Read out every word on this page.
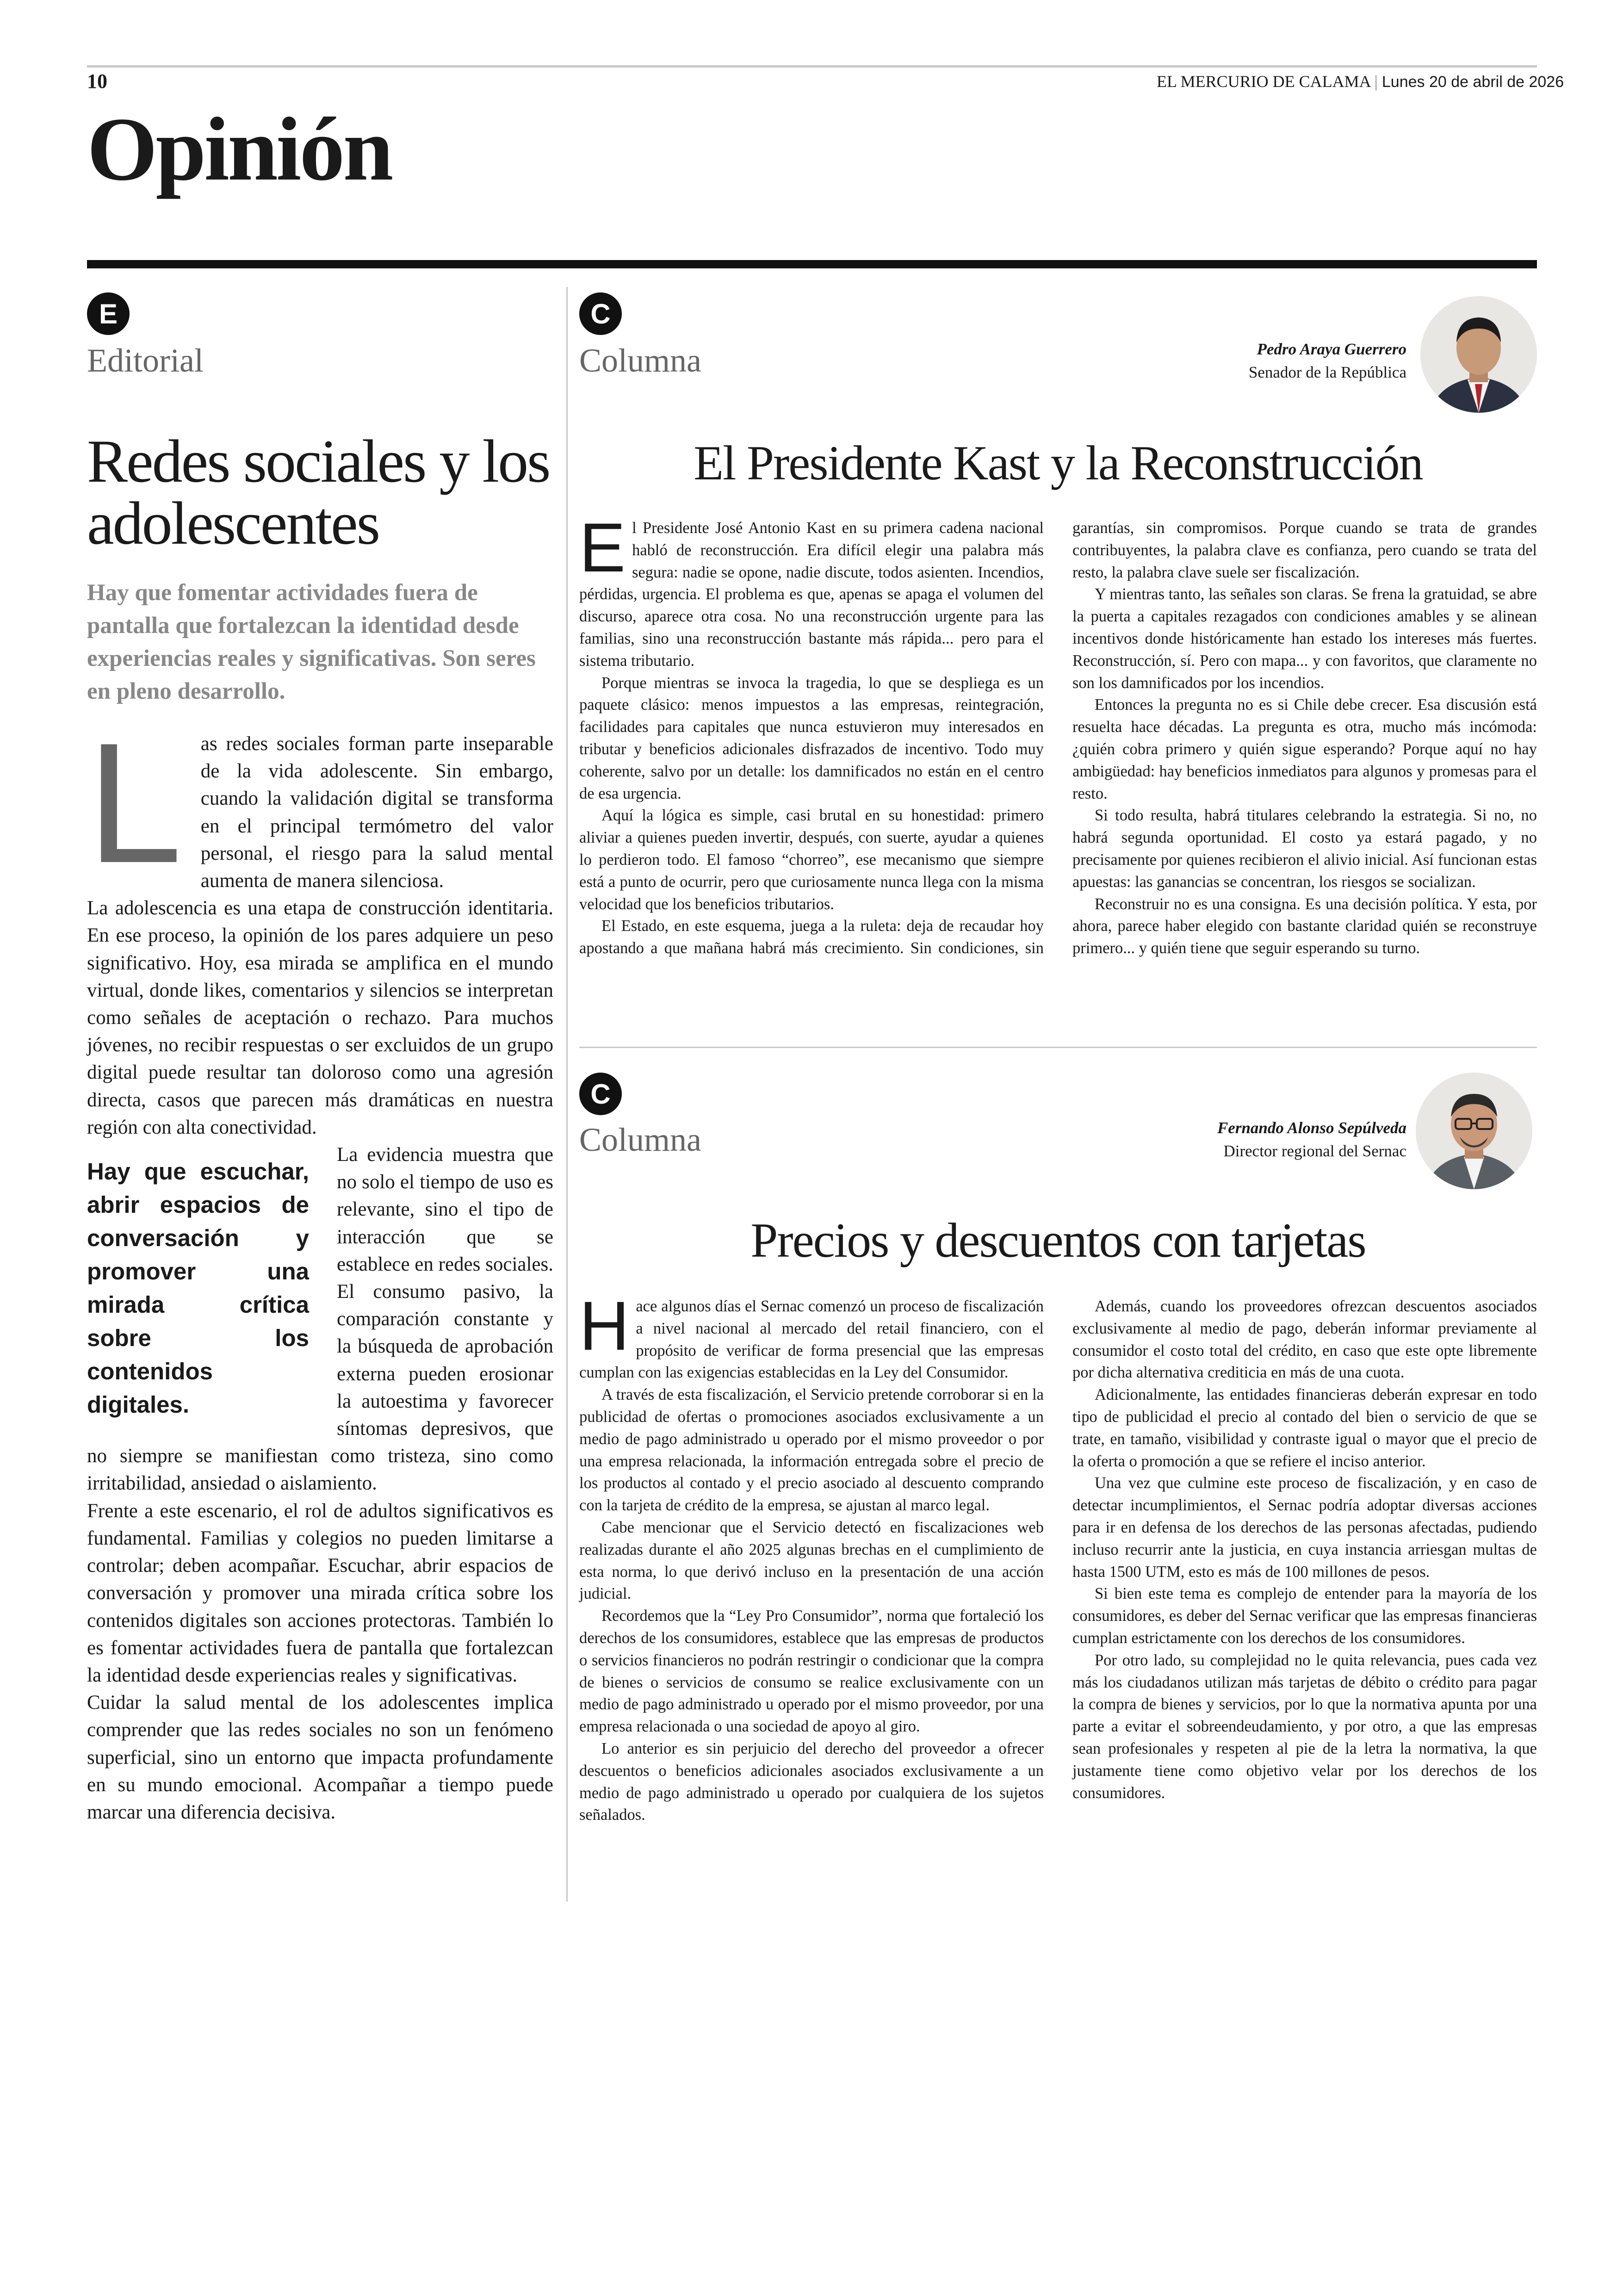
10	EL MERCURIO DE CALAMA | Lunes 20 de abril de 2026
Opinión
E
Editorial
Redes sociales y los adolescentes
Hay que fomentar actividades fuera de pantalla que fortalezcan la identidad desde experiencias reales y significativas. Son seres en pleno desarrollo.
L as redes sociales forman parte inseparable de la vida adolescente. Sin embargo, cuando la validación digital se transforma en el principal termómetro del valor personal, el riesgo para la salud mental aumenta de manera silenciosa.

La adolescencia es una etapa de construcción identitaria. En ese proceso, la opinión de los pares adquiere un peso significativo. Hoy, esa mirada se amplifica en el mundo virtual, donde likes, comentarios y silencios se interpretan como señales de aceptación o rechazo. Para muchos jóvenes, no recibir respuestas o ser excluidos de un grupo digital puede resultar tan doloroso como una agresión directa, casos que parecen más dramáticas en nuestra región con alta conectividad.

Hay que escuchar, abrir espacios de conversación y promover una mirada crítica sobre los contenidos digitales.

La evidencia muestra que no solo el tiempo de uso es relevante, sino el tipo de interacción que se establece en redes sociales. El consumo pasivo, la comparación constante y la búsqueda de aprobación externa pueden erosionar la autoestima y favorecer síntomas depresivos, que no siempre se manifiestan como tristeza, sino como irritabilidad, ansiedad o aislamiento.

Frente a este escenario, el rol de adultos significativos es fundamental. Familias y colegios no pueden limitarse a controlar; deben acompañar. Escuchar, abrir espacios de conversación y promover una mirada crítica sobre los contenidos digitales son acciones protectoras. También lo es fomentar actividades fuera de pantalla que fortalezcan la identidad desde experiencias reales y significativas.

Cuidar la salud mental de los adolescentes implica comprender que las redes sociales no son un fenómeno superficial, sino un entorno que impacta profundamente en su mundo emocional. Acompañar a tiempo puede marcar una diferencia decisiva.

C
Columna	Pedro Araya Guerrero
Senador de la República
El Presidente Kast y la Reconstrucción

El Presidente José Antonio Kast en su primera cadena nacional habló de reconstrucción. Era difícil elegir una palabra más segura: nadie se opone, nadie discute, todos asienten. Incendios, pérdidas, urgencia. El problema es que, apenas se apaga el volumen del discurso, aparece otra cosa. No una reconstrucción urgente para las familias, sino una reconstrucción bastante más rápida... pero para el sistema tributario.

Porque mientras se invoca la tragedia, lo que se despliega es un paquete clásico: menos impuestos a las empresas, reintegración, facilidades para capitales que nunca estuvieron muy interesados en tributar y beneficios adicionales disfrazados de incentivo. Todo muy coherente, salvo por un detalle: los damnificados no están en el centro de esa urgencia.

Aquí la lógica es simple, casi brutal en su honestidad: primero aliviar a quienes pueden invertir, después, con suerte, ayudar a quienes lo perdieron todo. El famoso “chorreo”, ese mecanismo que siempre está a punto de ocurrir, pero que curiosamente nunca llega con la misma velocidad que los beneficios tributarios.

El Estado, en este esquema, juega a la ruleta: deja de recaudar hoy apostando a que mañana habrá más crecimiento. Sin condiciones, sin garantías, sin compromisos. Porque cuando se trata de grandes contribuyentes, la palabra clave es confianza, pero cuando se trata del resto, la palabra clave suele ser fiscalización.

Y mientras tanto, las señales son claras. Se frena la gratuidad, se abre la puerta a capitales rezagados con condiciones amables y se alinean incentivos donde históricamente han estado los intereses más fuertes. Reconstrucción, sí. Pero con mapa... y con favoritos, que claramente no son los damnificados por los incendios.

Entonces la pregunta no es si Chile debe crecer. Esa discusión está resuelta hace décadas. La pregunta es otra, mucho más incómoda: ¿quién cobra primero y quién sigue esperando? Porque aquí no hay ambigüedad: hay beneficios inmediatos para algunos y promesas para el resto.

Si todo resulta, habrá titulares celebrando la estrategia. Si no, no habrá segunda oportunidad. El costo ya estará pagado, y no precisamente por quienes recibieron el alivio inicial. Así funcionan estas apuestas: las ganancias se concentran, los riesgos se socializan.

Reconstruir no es una consigna. Es una decisión política. Y esta, por ahora, parece haber elegido con bastante claridad quién se reconstruye primero... y quién tiene que seguir esperando su turno.

C
Columna	Fernando Alonso Sepúlveda
Director regional del Sernac
Precios y descuentos con tarjetas

Hace algunos días el Sernac comenzó un proceso de fiscalización a nivel nacional al mercado del retail financiero, con el propósito de verificar de forma presencial que las empresas cumplan con las exigencias establecidas en la Ley del Consumidor.

A través de esta fiscalización, el Servicio pretende corroborar si en la publicidad de ofertas o promociones asociados exclusivamente a un medio de pago administrado u operado por el mismo proveedor o por una empresa relacionada, la información entregada sobre el precio de los productos al contado y el precio asociado al descuento comprando con la tarjeta de crédito de la empresa, se ajustan al marco legal.

Cabe mencionar que el Servicio detectó en fiscalizaciones web realizadas durante el año 2025 algunas brechas en el cumplimiento de esta norma, lo que derivó incluso en la presentación de una acción judicial.

Recordemos que la “Ley Pro Consumidor”, norma que fortaleció los derechos de los consumidores, establece que las empresas de productos o servicios financieros no podrán restringir o condicionar que la compra de bienes o servicios de consumo se realice exclusivamente con un medio de pago administrado u operado por el mismo proveedor, por una empresa relacionada o una sociedad de apoyo al giro.

Lo anterior es sin perjuicio del derecho del proveedor a ofrecer descuentos o beneficios adicionales asociados exclusivamente a un medio de pago administrado u operado por cualquiera de los sujetos señalados.

Además, cuando los proveedores ofrezcan descuentos asociados exclusivamente al medio de pago, deberán informar previamente al consumidor el costo total del crédito, en caso que este opte libremente por dicha alternativa crediticia en más de una cuota.

Adicionalmente, las entidades financieras deberán expresar en todo tipo de publicidad el precio al contado del bien o servicio de que se trate, en tamaño, visibilidad y contraste igual o mayor que el precio de la oferta o promoción a que se refiere el inciso anterior.

Una vez que culmine este proceso de fiscalización, y en caso de detectar incumplimientos, el Sernac podría adoptar diversas acciones para ir en defensa de los derechos de las personas afectadas, pudiendo incluso recurrir ante la justicia, en cuya instancia arriesgan multas de hasta 1500 UTM, esto es más de 100 millones de pesos.

Si bien este tema es complejo de entender para la mayoría de los consumidores, es deber del Sernac verificar que las empresas financieras cumplan estrictamente con los derechos de los consumidores.

Por otro lado, su complejidad no le quita relevancia, pues cada vez más los ciudadanos utilizan más tarjetas de débito o crédito para pagar la compra de bienes y servicios, por lo que la normativa apunta por una parte a evitar el sobreendeudamiento, y por otro, a que las empresas sean profesionales y respeten al pie de la letra la normativa, la que justamente tiene como objetivo velar por los derechos de los consumidores.
